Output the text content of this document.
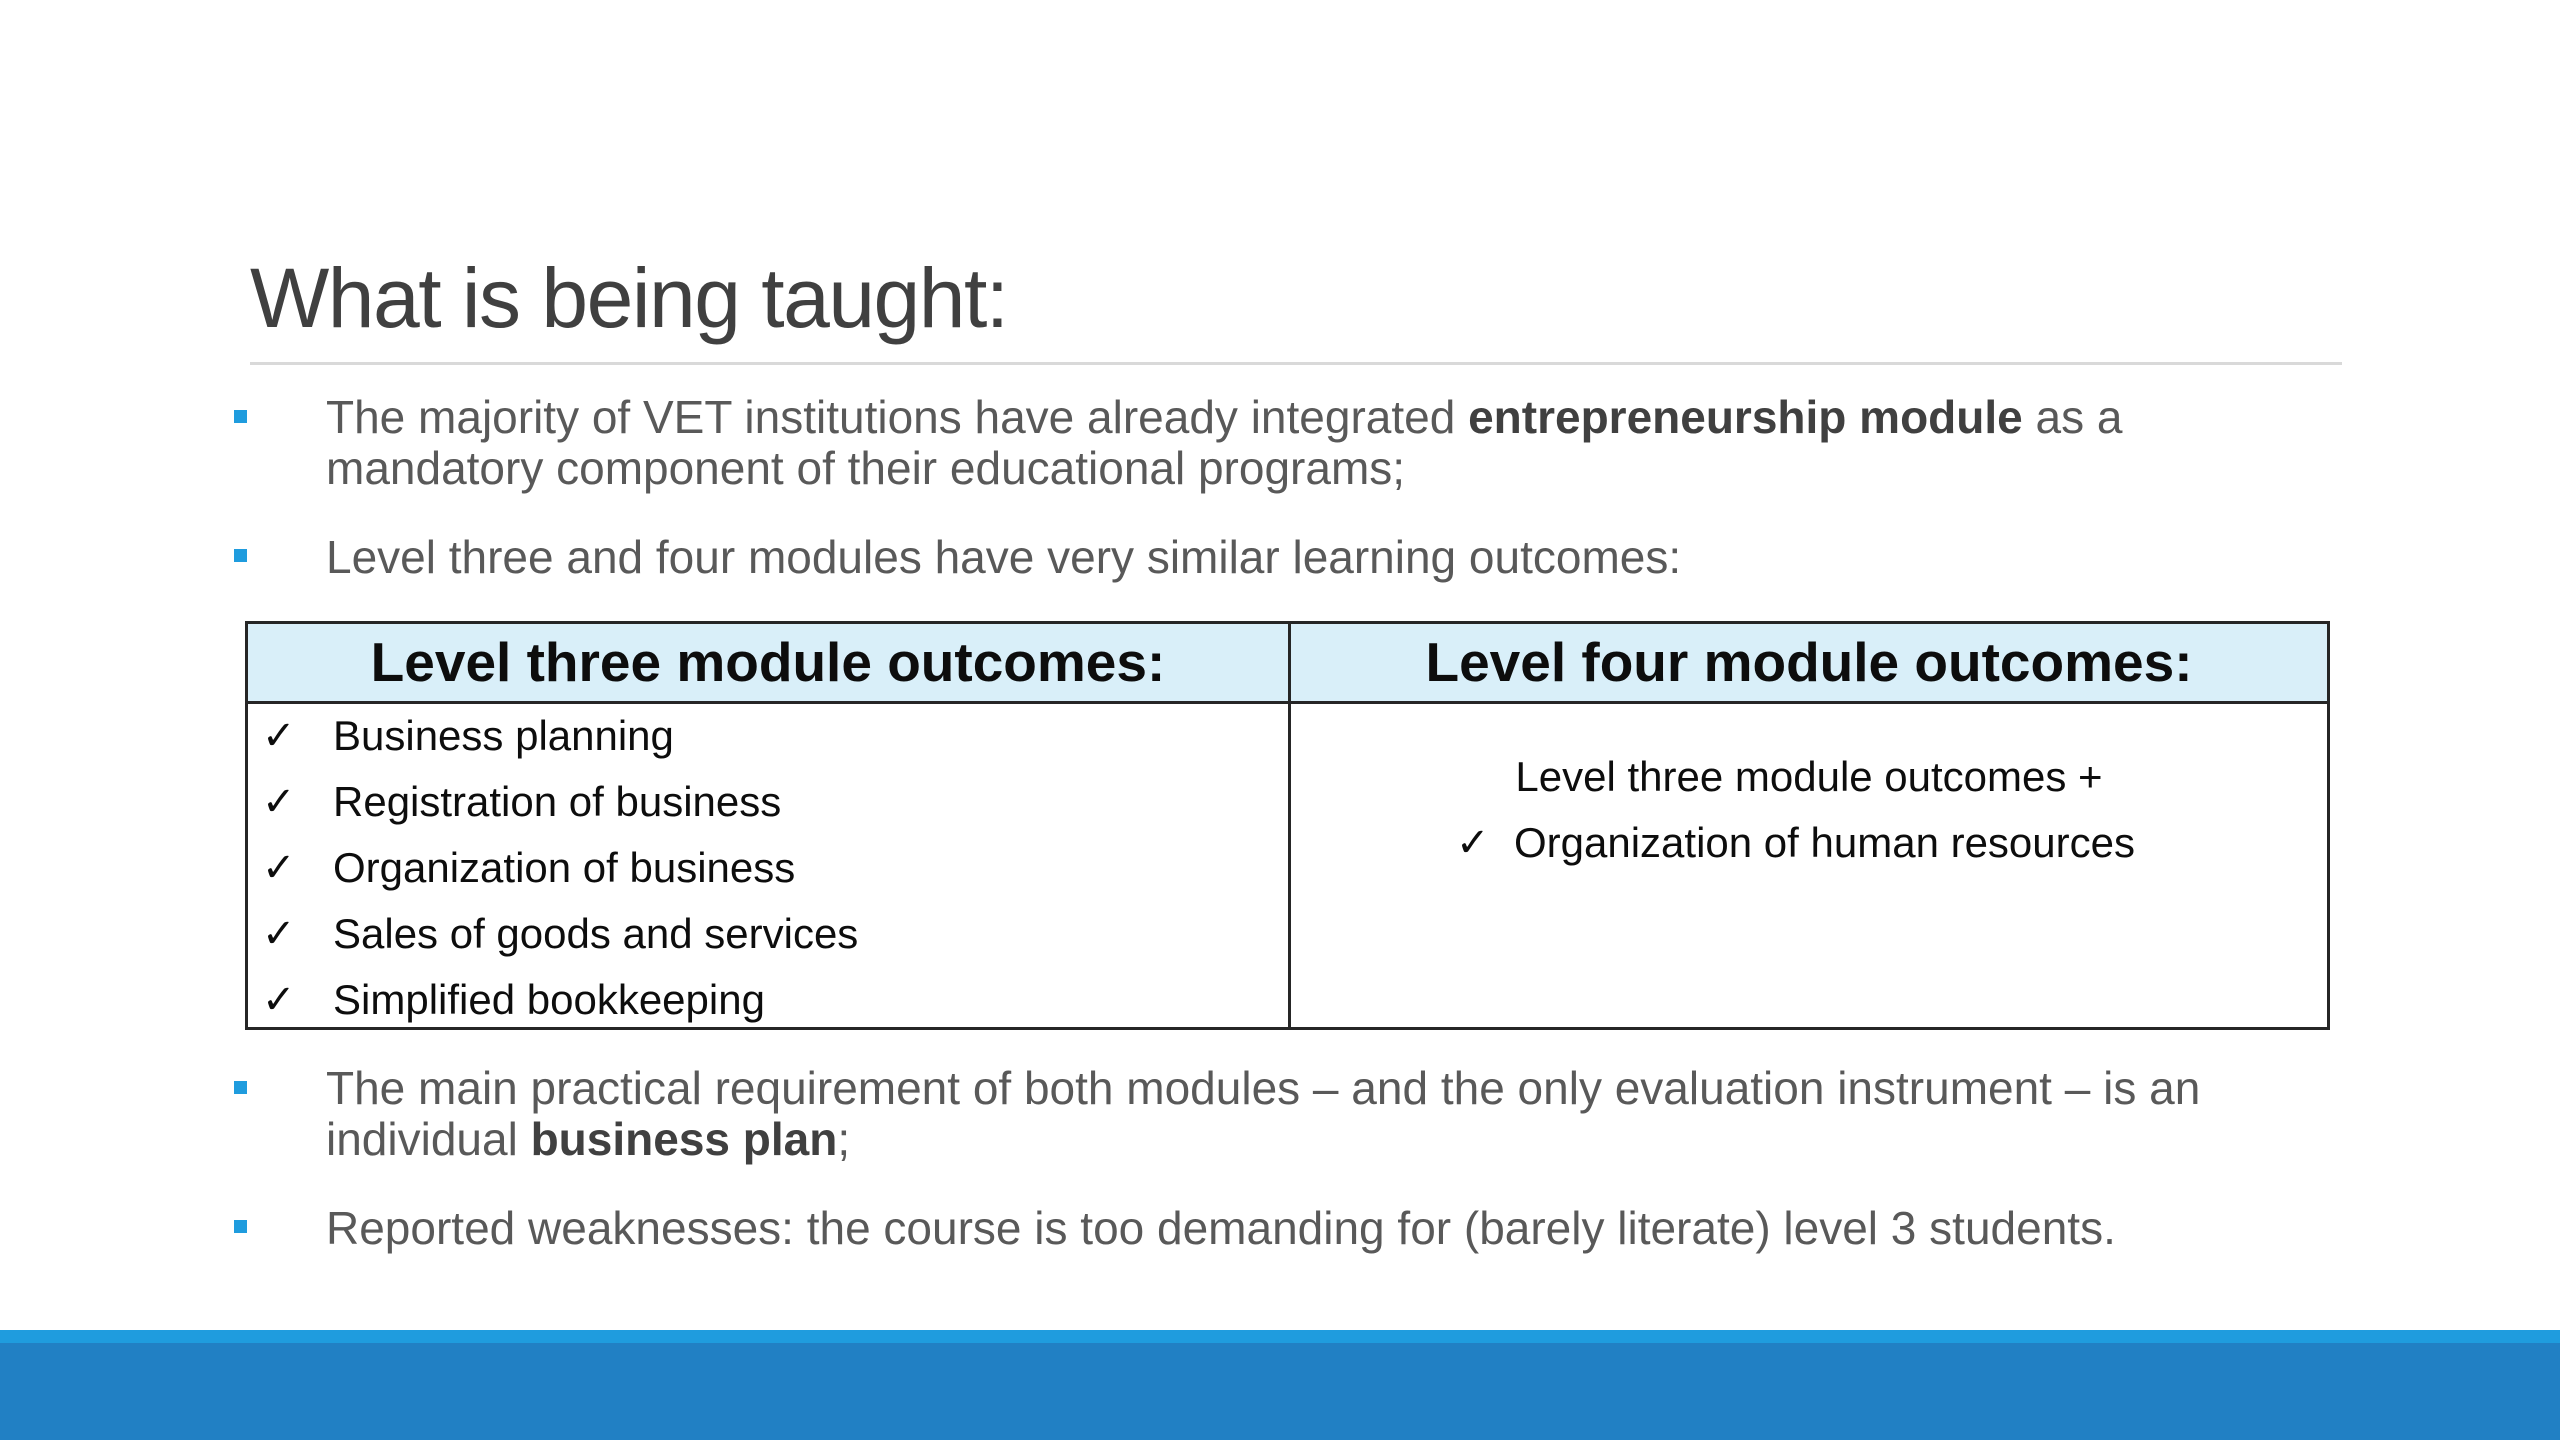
What is being taught:
The majority of VET institutions have already integrated entrepreneurship module as a
mandatory component of their educational programs;
Level three and four modules have very similar learning outcomes:
Level three module outcomes:	Level four module outcomes:
✓ Business planning
✓ Registration of business
✓ Organization of business
✓ Sales of goods and services
✓ Simplified bookkeeping
Level three module outcomes +
✓ Organization of human resources
The main practical requirement of both modules – and the only evaluation instrument – is an
individual business plan;
Reported weaknesses: the course is too demanding for (barely literate) level 3 students.
